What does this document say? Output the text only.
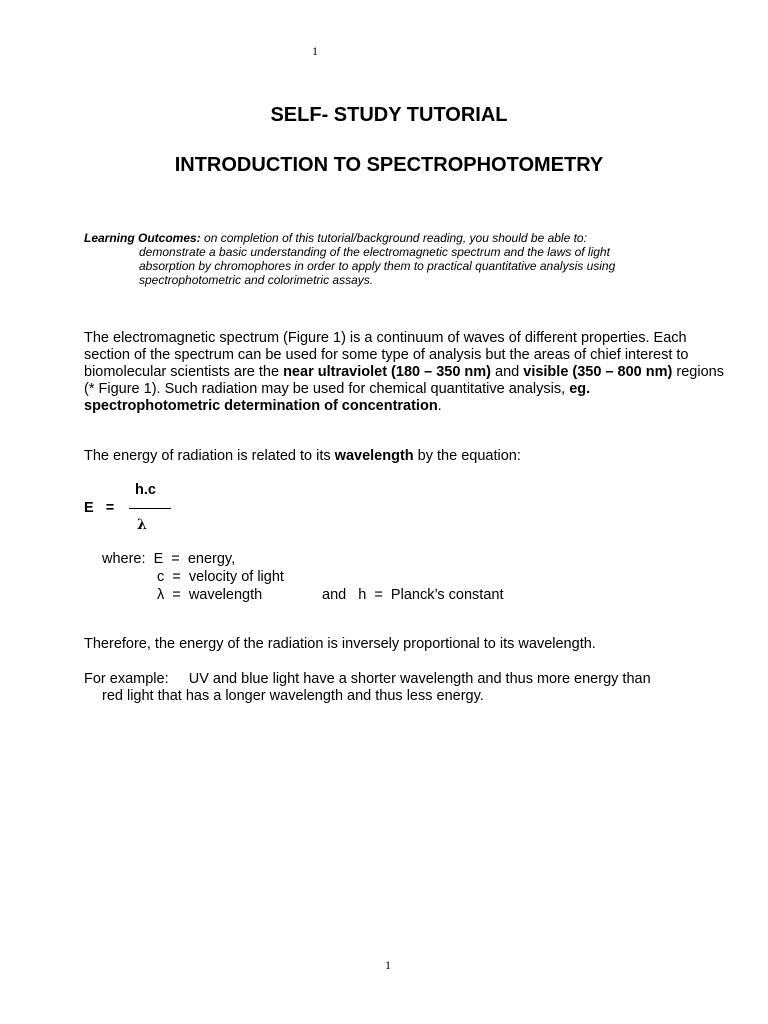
1
SELF- STUDY TUTORIAL
INTRODUCTION TO SPECTROPHOTOMETRY
Learning Outcomes: on completion of this tutorial/background reading, you should be able to:
demonstrate a basic understanding of the electromagnetic spectrum and the laws of light absorption by chromophores in order to apply them to practical quantitative analysis using spectrophotometric and colorimetric assays.
The electromagnetic spectrum (Figure 1) is a continuum of waves of different properties. Each section of the spectrum can be used for some type of analysis but the areas of chief interest to biomolecular scientists are the near ultraviolet (180 – 350 nm) and visible (350 – 800 nm) regions (* Figure 1). Such radiation may be used for chemical quantitative analysis, eg. spectrophotometric determination of concentration.
The energy of radiation is related to its wavelength by the equation:
E   =
h.c
λ
where:  E  =  energy,
c  =  velocity of light
λ  =  wavelength	and   h  =  Planck’s constant
Therefore, the energy of the radiation is inversely proportional to its wavelength.
For example:     UV and blue light have a shorter wavelength and thus more energy than
red light that has a longer wavelength and thus less energy.
1
